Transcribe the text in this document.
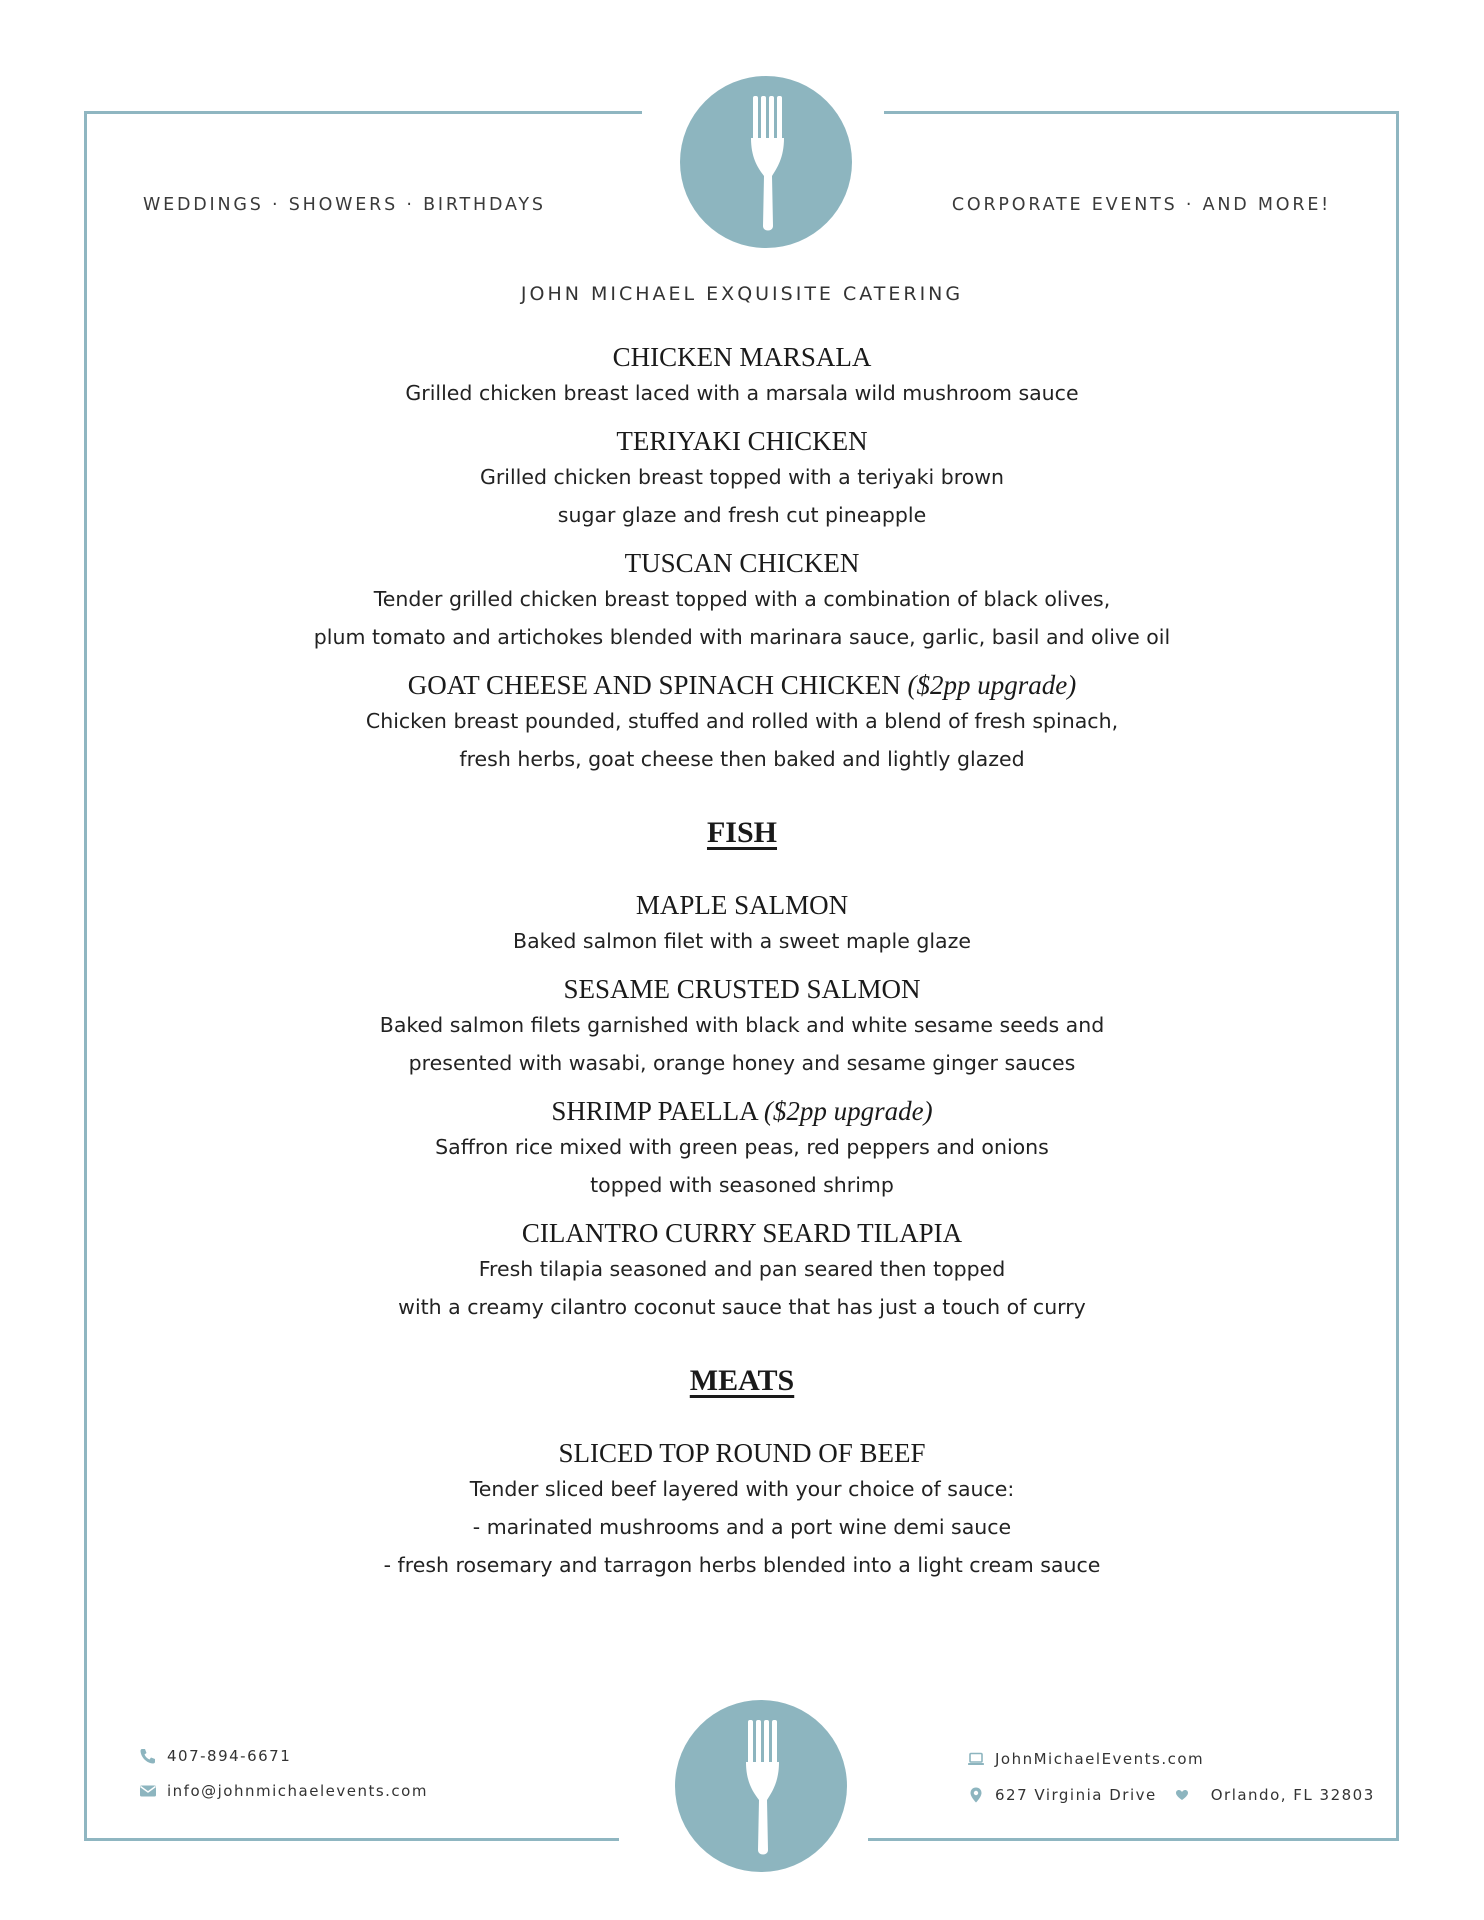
WEDDINGS · SHOWERS · BIRTHDAYS	CORPORATE EVENTS · AND MORE!
JOHN MICHAEL EXQUISITE CATERING
CHICKEN MARSALA
Grilled chicken breast laced with a marsala wild mushroom sauce
TERIYAKI CHICKEN
Grilled chicken breast topped with a teriyaki brown
sugar glaze and fresh cut pineapple
TUSCAN CHICKEN
Tender grilled chicken breast topped with a combination of black olives,
plum tomato and artichokes blended with marinara sauce, garlic, basil and olive oil
GOAT CHEESE AND SPINACH CHICKEN ($2pp upgrade)
Chicken breast pounded, stuffed and rolled with a blend of fresh spinach,
fresh herbs, goat cheese then baked and lightly glazed
FISH
MAPLE SALMON
Baked salmon filet with a sweet maple glaze
SESAME CRUSTED SALMON
Baked salmon filets garnished with black and white sesame seeds and
presented with wasabi, orange honey and sesame ginger sauces
SHRIMP PAELLA ($2pp upgrade)
Saffron rice mixed with green peas, red peppers and onions
topped with seasoned shrimp
CILANTRO CURRY SEARD TILAPIA
Fresh tilapia seasoned and pan seared then topped
with a creamy cilantro coconut sauce that has just a touch of curry
MEATS
SLICED TOP ROUND OF BEEF
Tender sliced beef layered with your choice of sauce:
- marinated mushrooms and a port wine demi sauce
- fresh rosemary and tarragon herbs blended into a light cream sauce
407-894-6671
info@johnmichaelevents.com
JohnMichaelEvents.com
627 Virginia Drive	Orlando, FL 32803
